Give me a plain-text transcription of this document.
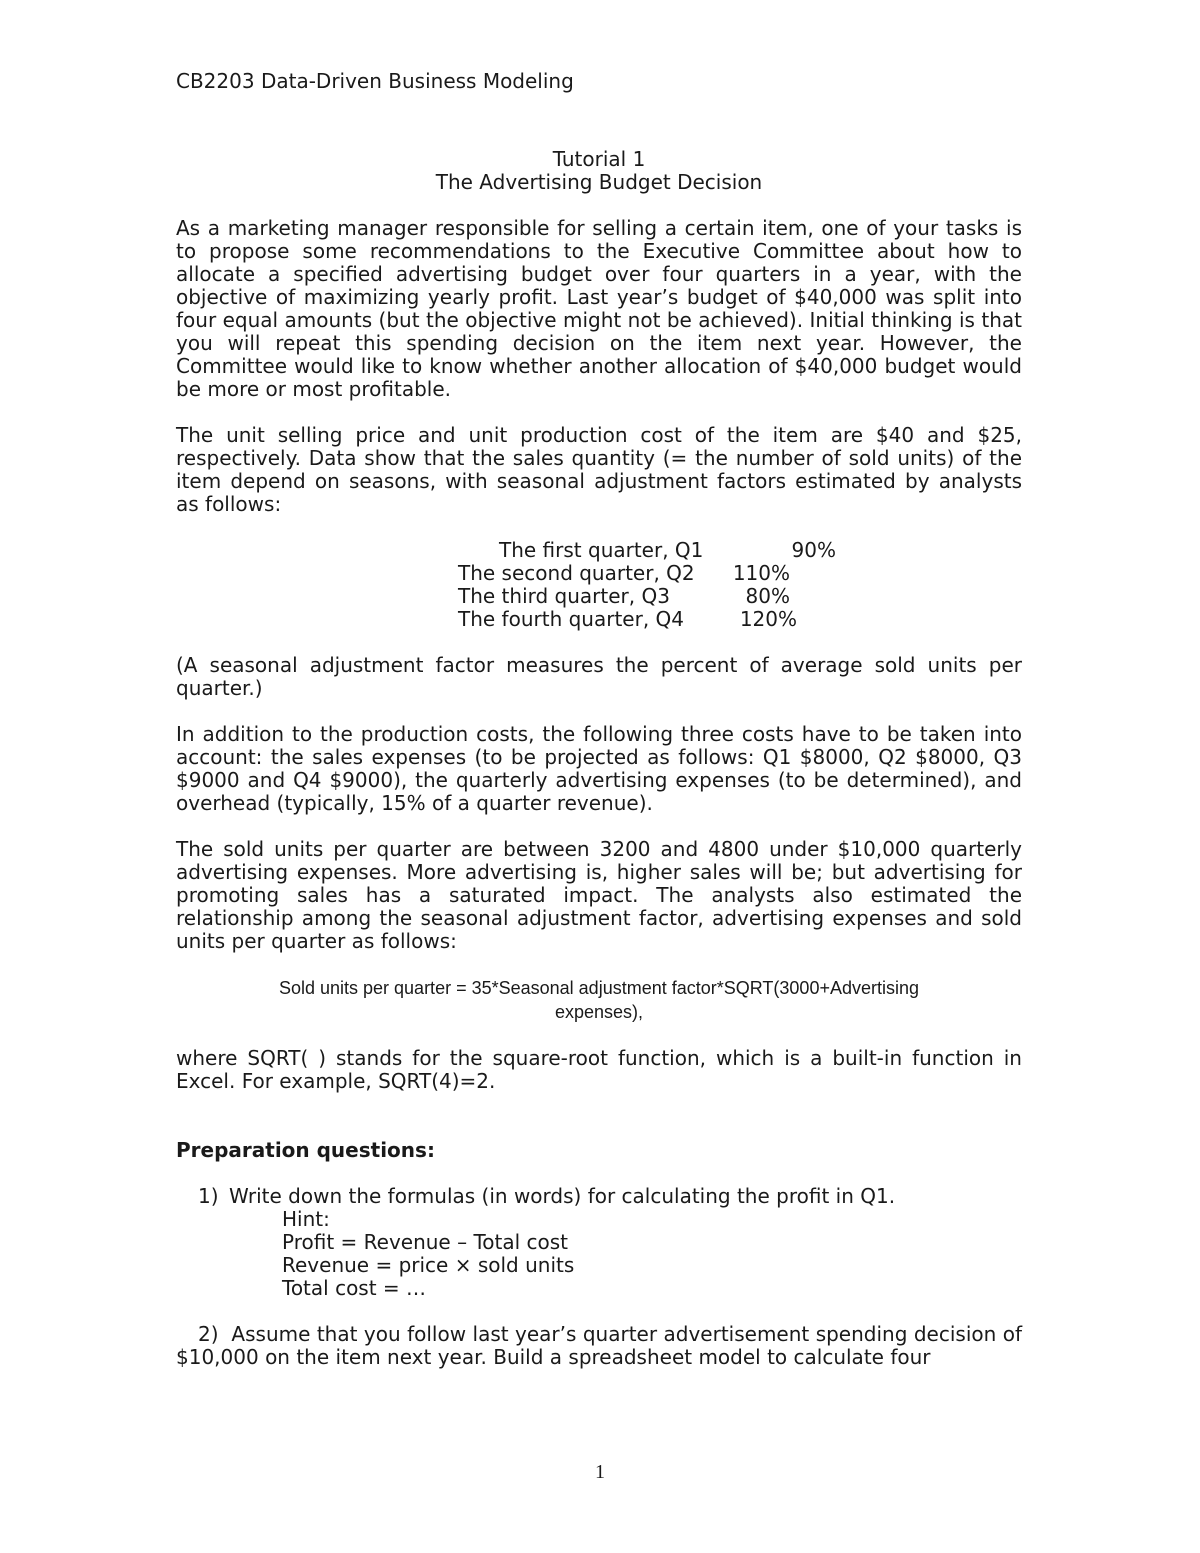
CB2203 Data-Driven Business Modeling
Tutorial 1
The Advertising Budget Decision

As a marketing manager responsible for selling a certain item, one of your tasks is to propose some recommendations to the Executive Committee about how to allocate a specified advertising budget over four quarters in a year, with the objective of maximizing yearly profit. Last year’s budget of $40,000 was split into four equal amounts (but the objective might not be achieved). Initial thinking is that you will repeat this spending decision on the item next year. However, the Committee would like to know whether another allocation of $40,000 budget would be more or most profitable.

The unit selling price and unit production cost of the item are $40 and $25, respectively. Data show that the sales quantity (= the number of sold units) of the item depend on seasons, with seasonal adjustment factors estimated by analysts as follows:

The first quarter, Q1	90%
The second quarter, Q2	110%
The third quarter, Q3	80%
The fourth quarter, Q4	120%

(A seasonal adjustment factor measures the percent of average sold units per quarter.)

In addition to the production costs, the following three costs have to be taken into account: the sales expenses (to be projected as follows: Q1 $8000, Q2 $8000, Q3 $9000 and Q4 $9000), the quarterly advertising expenses (to be determined), and overhead (typically, 15% of a quarter revenue).

The sold units per quarter are between 3200 and 4800 under $10,000 quarterly advertising expenses. More advertising is, higher sales will be; but advertising for promoting sales has a saturated impact. The analysts also estimated the relationship among the seasonal adjustment factor, advertising expenses and sold units per quarter as follows:

Sold units per quarter = 35*Seasonal adjustment factor*SQRT(3000+Advertising expenses),

where SQRT( ) stands for the square-root function, which is a built-in function in Excel. For example, SQRT(4)=2.

Preparation questions:

1) Write down the formulas (in words) for calculating the profit in Q1.
Hint:
Profit = Revenue – Total cost
Revenue = price × sold units
Total cost = …

2) Assume that you follow last year’s quarter advertisement spending decision of $10,000 on the item next year. Build a spreadsheet model to calculate four

1
